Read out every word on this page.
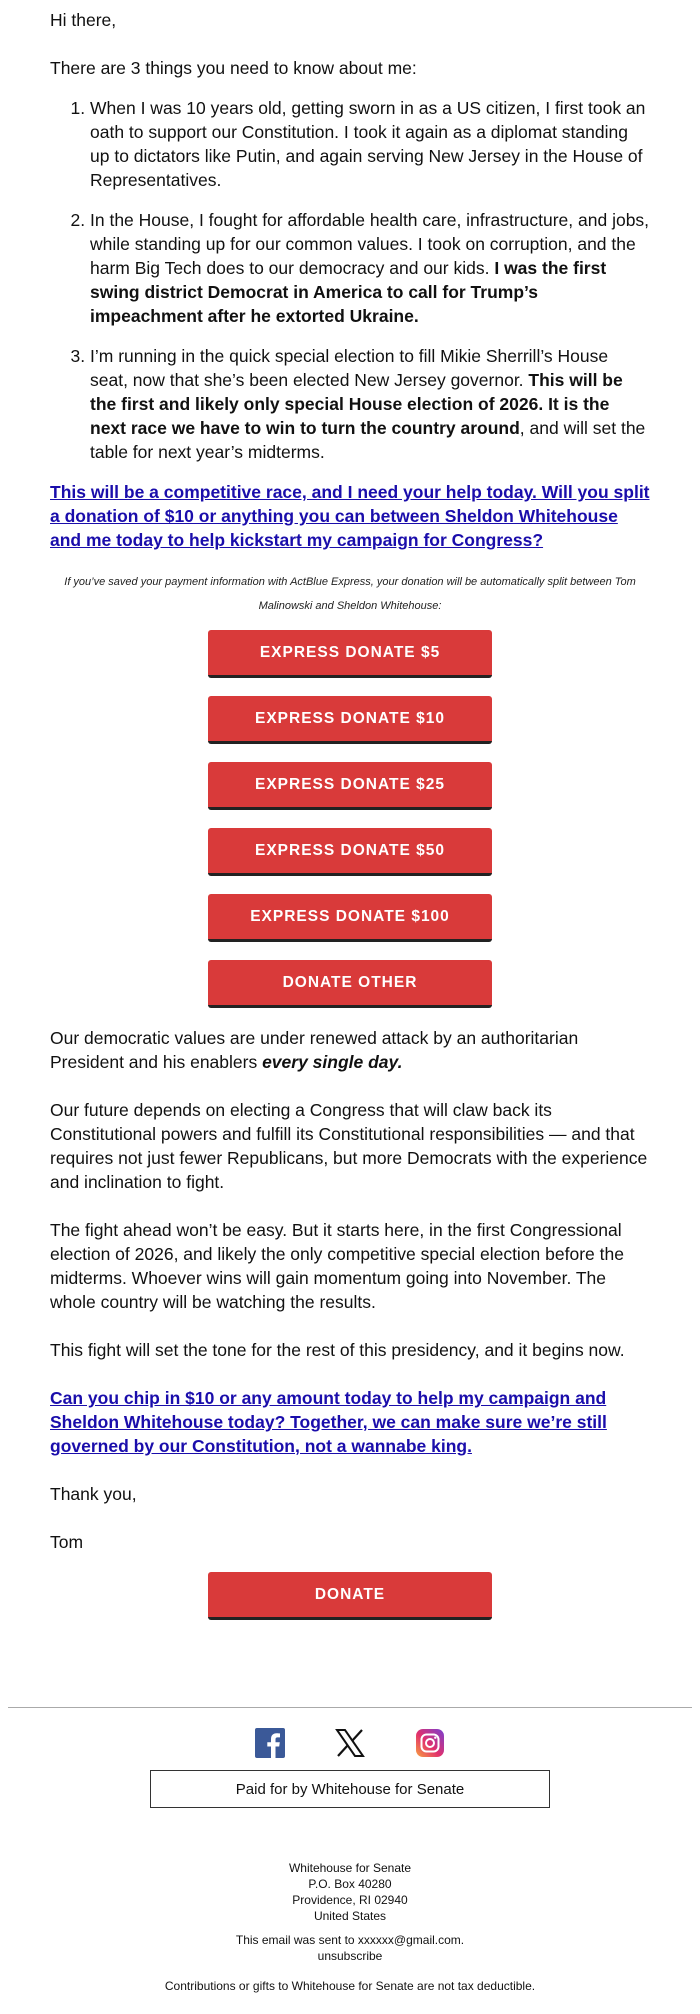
Hi there,

There are 3 things you need to know about me:

1. When I was 10 years old, getting sworn in as a US citizen, I first took an oath to support our Constitution. I took it again as a diplomat standing up to dictators like Putin, and again serving New Jersey in the House of Representatives.
2. In the House, I fought for affordable health care, infrastructure, and jobs, while standing up for our common values. I took on corruption, and the harm Big Tech does to our democracy and our kids. I was the first swing district Democrat in America to call for Trump’s impeachment after he extorted Ukraine.
3. I’m running in the quick special election to fill Mikie Sherrill’s House seat, now that she’s been elected New Jersey governor. This will be the first and likely only special House election of 2026. It is the next race we have to win to turn the country around, and will set the table for next year’s midterms.
This will be a competitive race, and I need your help today. Will you split a donation of $10 or anything you can between Sheldon Whitehouse and me today to help kickstart my campaign for Congress?

If you’ve saved your payment information with ActBlue Express, your donation will be automatically split between Tom Malinowski and Sheldon Whitehouse:

EXPRESS DONATE $5
EXPRESS DONATE $10
EXPRESS DONATE $25
EXPRESS DONATE $50
EXPRESS DONATE $100
DONATE OTHER

Our democratic values are under renewed attack by an authoritarian President and his enablers every single day.

Our future depends on electing a Congress that will claw back its Constitutional powers and fulfill its Constitutional responsibilities — and that requires not just fewer Republicans, but more Democrats with the experience and inclination to fight.

The fight ahead won’t be easy. But it starts here, in the first Congressional election of 2026, and likely the only competitive special election before the midterms. Whoever wins will gain momentum going into November. The whole country will be watching the results.

This fight will set the tone for the rest of this presidency, and it begins now.

Can you chip in $10 or any amount today to help my campaign and Sheldon Whitehouse today? Together, we can make sure we’re still governed by our Constitution, not a wannabe king.

Thank you,

Tom

DONATE
Paid for by Whitehouse for Senate
Whitehouse for Senate
P.O. Box 40280
Providence, RI 02940
United States
This email was sent to xxxxxx@gmail.com.
unsubscribe
Contributions or gifts to Whitehouse for Senate are not tax deductible.
